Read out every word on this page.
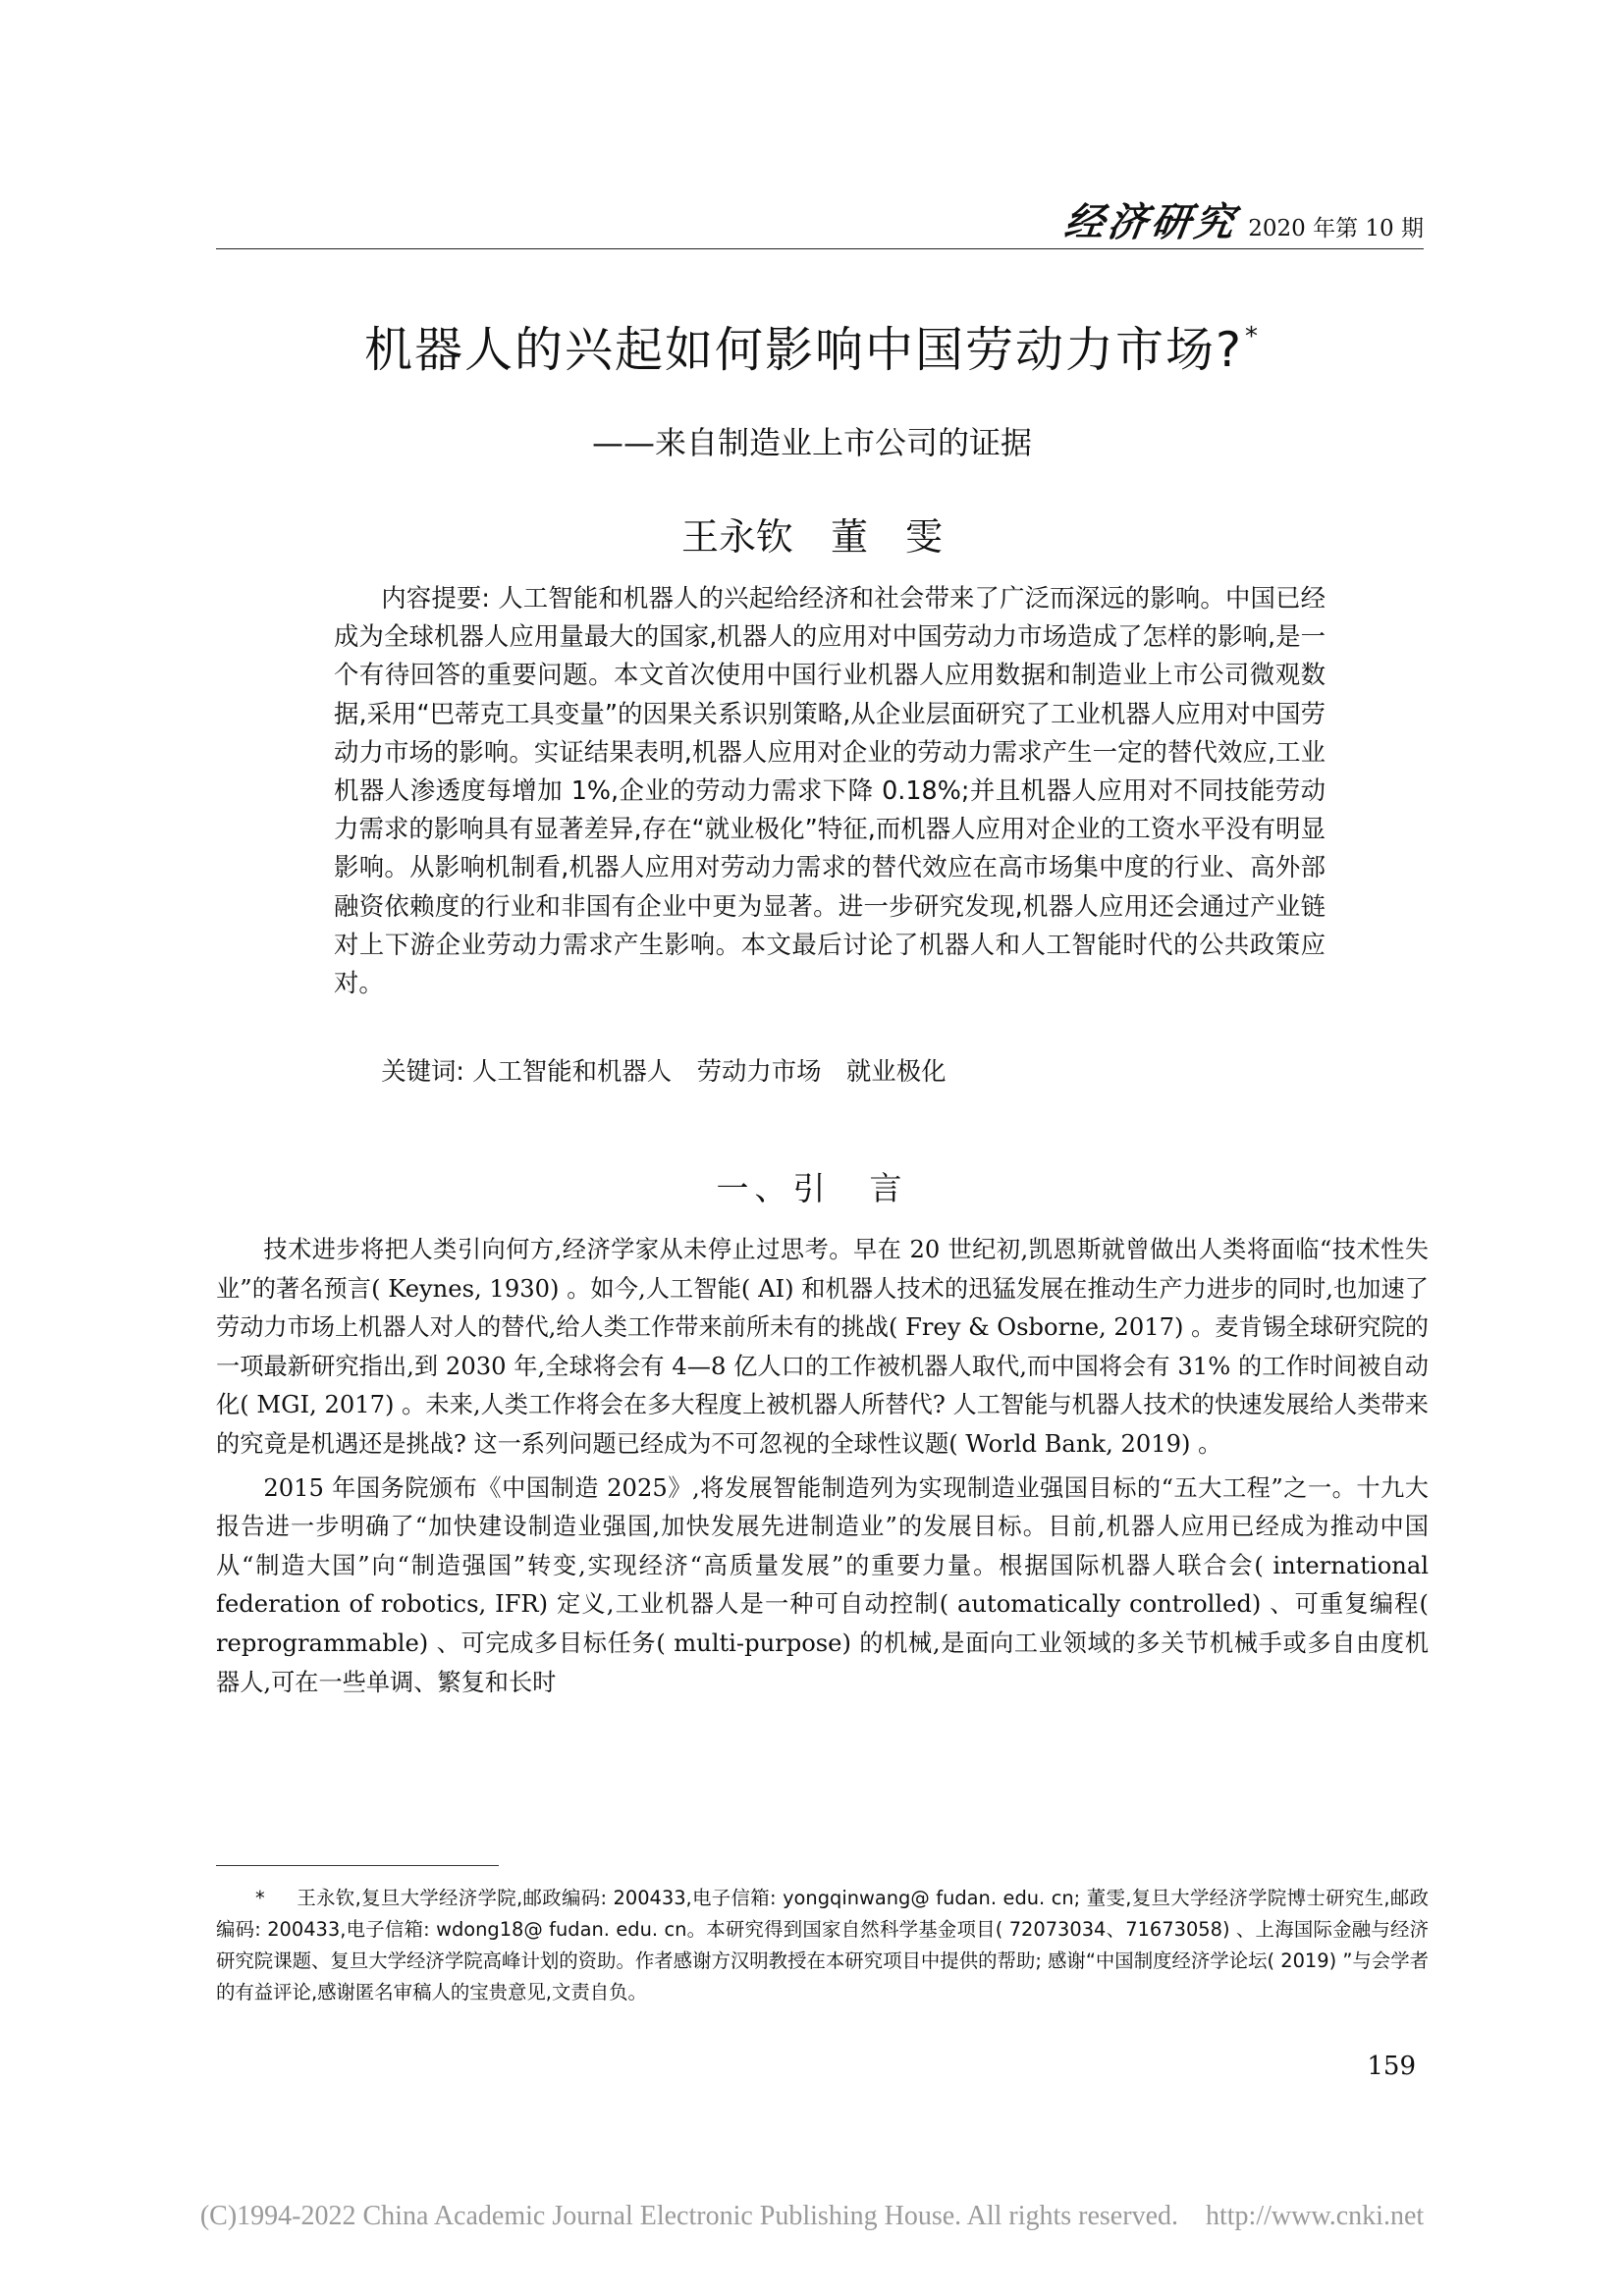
经济研究 2020 年第 10 期
机器人的兴起如何影响中国劳动力市场?*
——来自制造业上市公司的证据
王永钦　董　雯
内容提要: 人工智能和机器人的兴起给经济和社会带来了广泛而深远的影响。中国已经成为全球机器人应用量最大的国家,机器人的应用对中国劳动力市场造成了怎样的影响,是一个有待回答的重要问题。本文首次使用中国行业机器人应用数据和制造业上市公司微观数据,采用“巴蒂克工具变量”的因果关系识别策略,从企业层面研究了工业机器人应用对中国劳动力市场的影响。实证结果表明,机器人应用对企业的劳动力需求产生一定的替代效应,工业机器人渗透度每增加 1%,企业的劳动力需求下降 0.18%;并且机器人应用对不同技能劳动力需求的影响具有显著差异,存在“就业极化”特征,而机器人应用对企业的工资水平没有明显影响。从影响机制看,机器人应用对劳动力需求的替代效应在高市场集中度的行业、高外部融资依赖度的行业和非国有企业中更为显著。进一步研究发现,机器人应用还会通过产业链对上下游企业劳动力需求产生影响。本文最后讨论了机器人和人工智能时代的公共政策应对。
关键词: 人工智能和机器人　劳动力市场　就业极化
一、引　言

技术进步将把人类引向何方,经济学家从未停止过思考。早在 20 世纪初,凯恩斯就曾做出人类将面临“技术性失业”的著名预言( Keynes, 1930) 。如今,人工智能( AI) 和机器人技术的迅猛发展在推动生产力进步的同时,也加速了劳动力市场上机器人对人的替代,给人类工作带来前所未有的挑战( Frey & Osborne, 2017) 。麦肯锡全球研究院的一项最新研究指出,到 2030 年,全球将会有 4—8 亿人口的工作被机器人取代,而中国将会有 31% 的工作时间被自动化( MGI, 2017) 。未来,人类工作将会在多大程度上被机器人所替代? 人工智能与机器人技术的快速发展给人类带来的究竟是机遇还是挑战? 这一系列问题已经成为不可忽视的全球性议题( World Bank, 2019) 。

2015 年国务院颁布《中国制造 2025》,将发展智能制造列为实现制造业强国目标的“五大工程”之一。十九大报告进一步明确了“加快建设制造业强国,加快发展先进制造业”的发展目标。目前,机器人应用已经成为推动中国从“制造大国”向“制造强国”转变,实现经济“高质量发展”的重要力量。根据国际机器人联合会( international federation of robotics, IFR) 定义,工业机器人是一种可自动控制( automatically controlled) 、可重复编程( reprogrammable) 、可完成多目标任务( multi-purpose) 的机械,是面向工业领域的多关节机械手或多自由度机器人,可在一些单调、繁复和长时

* 王永钦,复旦大学经济学院,邮政编码: 200433,电子信箱: yongqinwang@ fudan. edu. cn; 董雯,复旦大学经济学院博士研究生,邮政编码: 200433,电子信箱: wdong18@ fudan. edu. cn。本研究得到国家自然科学基金项目( 72073034、71673058) 、上海国际金融与经济研究院课题、复旦大学经济学院高峰计划的资助。作者感谢方汉明教授在本研究项目中提供的帮助; 感谢“中国制度经济学论坛( 2019) ”与会学者的有益评论,感谢匿名审稿人的宝贵意见,文责自负。
159
(C)1994-2022 China Academic Journal Electronic Publishing House. All rights reserved.    http://www.cnki.net
